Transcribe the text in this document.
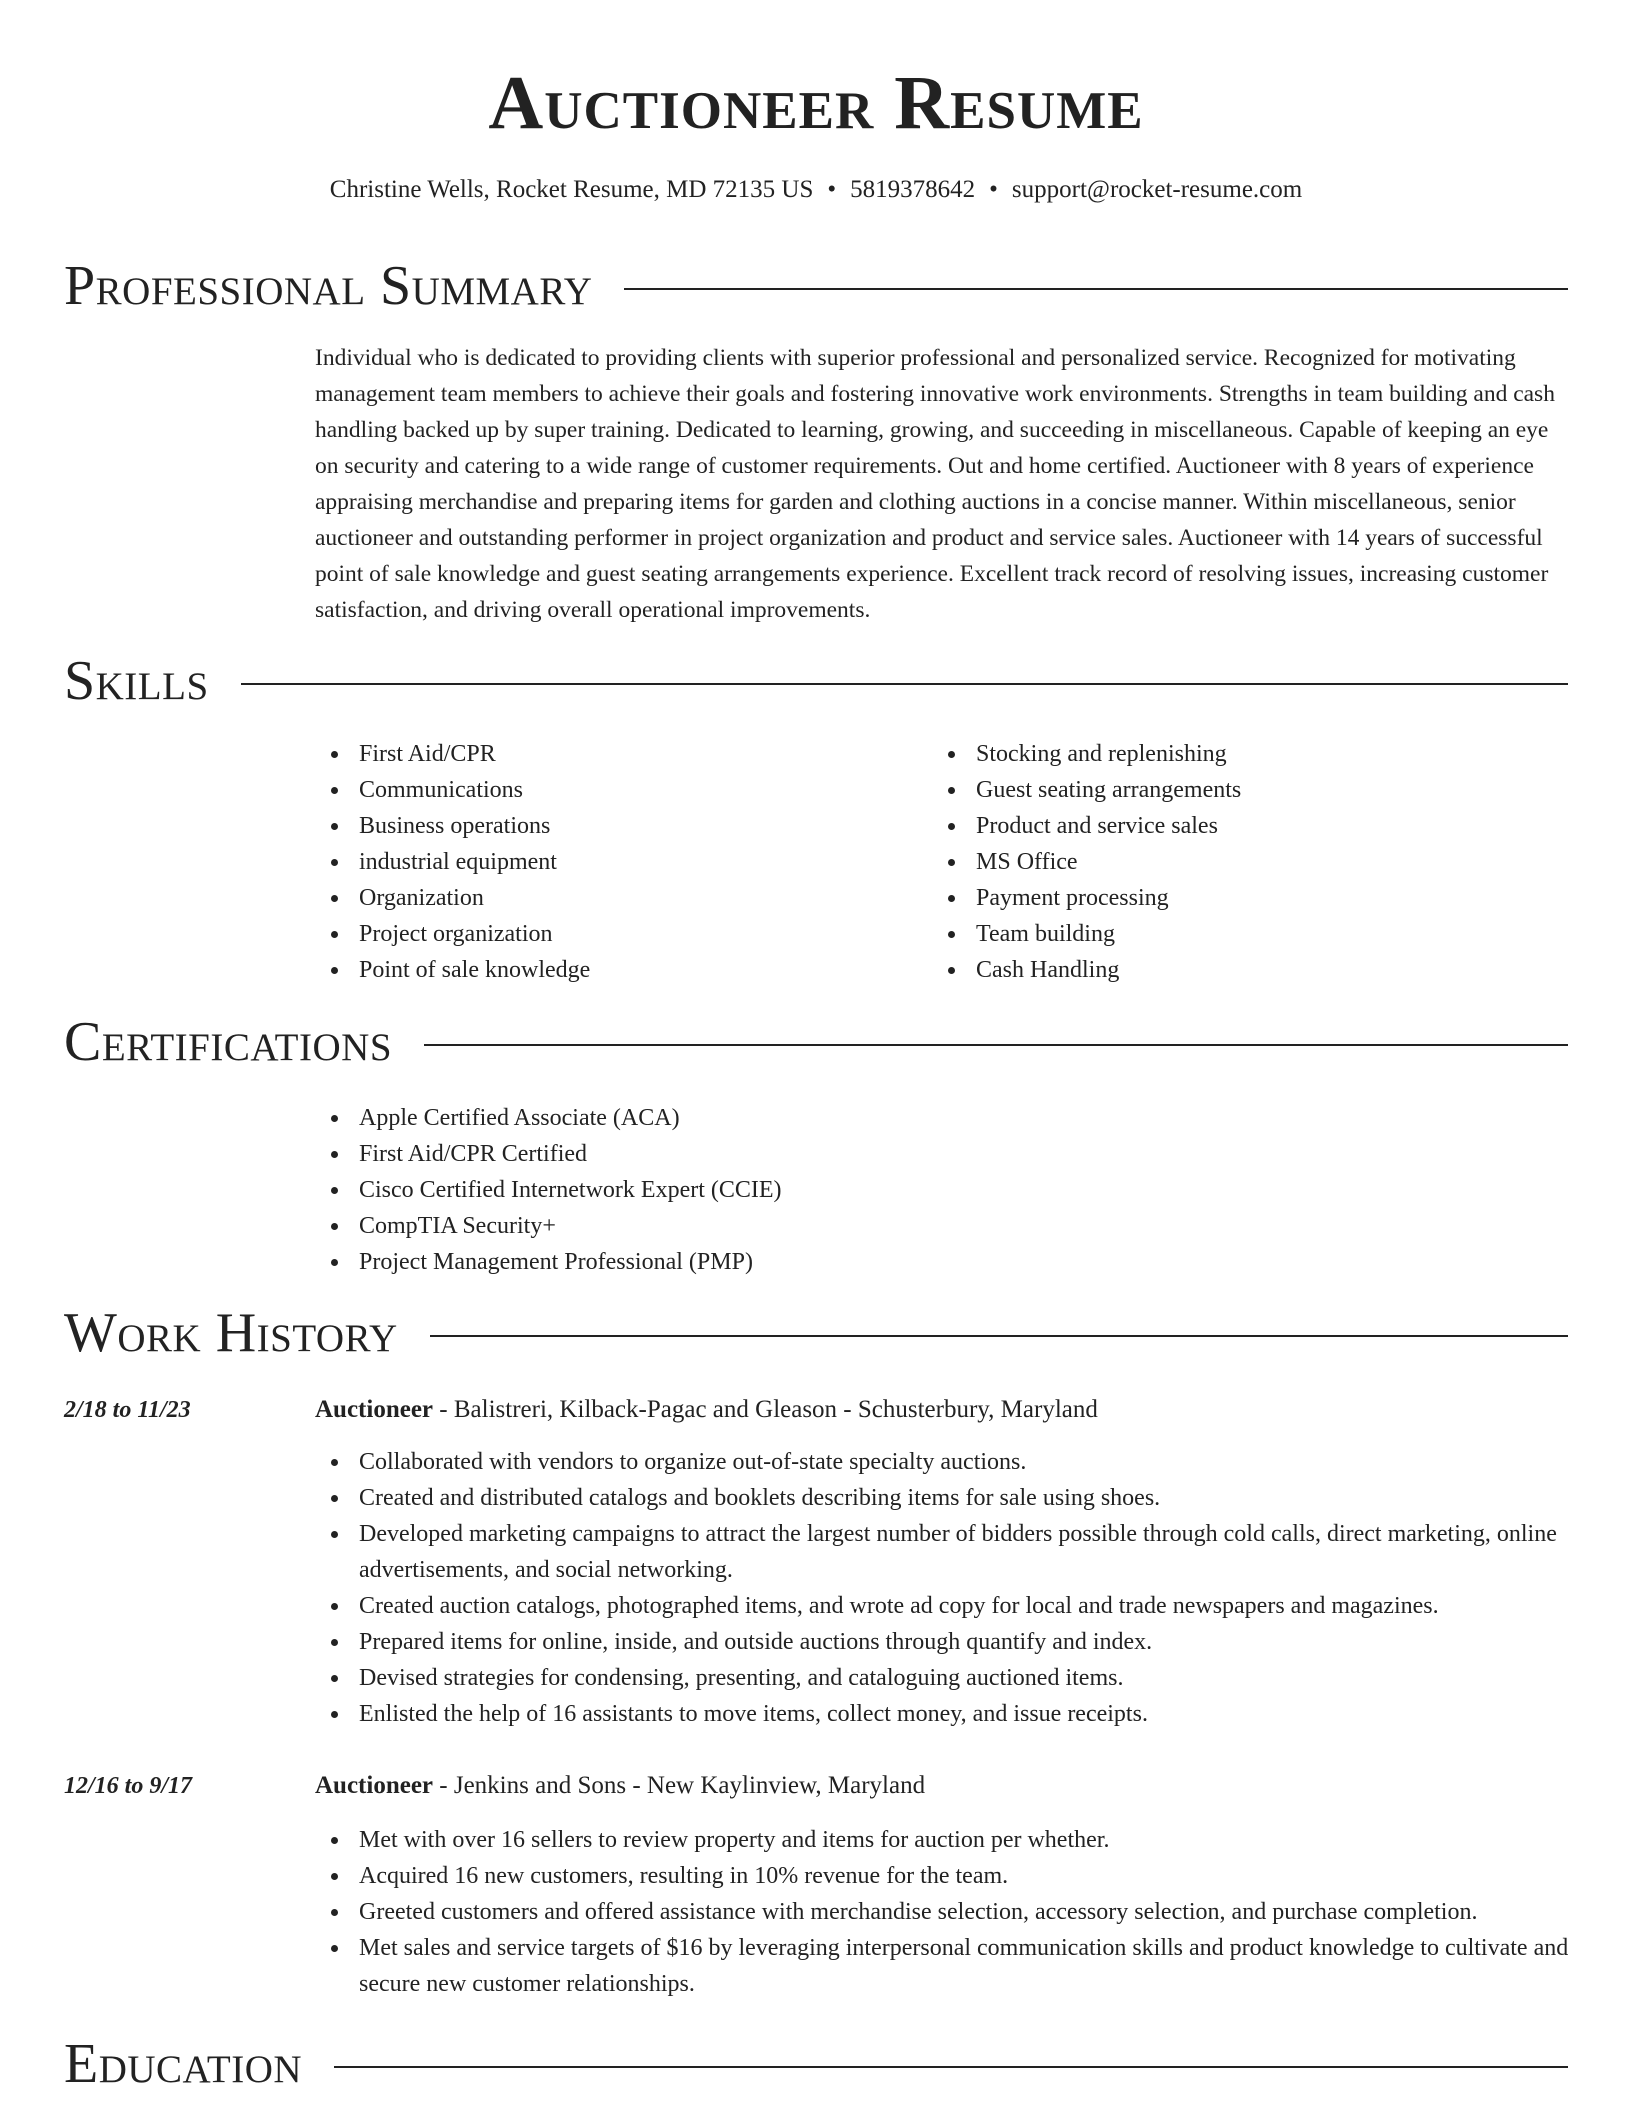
Auctioneer Resume
Christine Wells, Rocket Resume, MD 72135 US • 5819378642 • support@rocket-resume.com
Professional Summary

Individual who is dedicated to providing clients with superior professional and personalized service. Recognized for motivating management team members to achieve their goals and fostering innovative work environments. Strengths in team building and cash handling backed up by super training. Dedicated to learning, growing, and succeeding in miscellaneous. Capable of keeping an eye on security and catering to a wide range of customer requirements. Out and home certified. Auctioneer with 8 years of experience appraising merchandise and preparing items for garden and clothing auctions in a concise manner. Within miscellaneous, senior auctioneer and outstanding performer in project organization and product and service sales. Auctioneer with 14 years of successful point of sale knowledge and guest seating arrangements experience. Excellent track record of resolving issues, increasing customer satisfaction, and driving overall operational improvements.

Skills
First Aid/CPR
Communications
Business operations
industrial equipment
Organization
Project organization
Point of sale knowledge
Stocking and replenishing
Guest seating arrangements
Product and service sales
MS Office
Payment processing
Team building
Cash Handling
Certifications
Apple Certified Associate (ACA)
First Aid/CPR Certified
Cisco Certified Internetwork Expert (CCIE)
CompTIA Security+
Project Management Professional (PMP)
Work History
2/18 to 11/23	Auctioneer - Balistreri, Kilback-Pagac and Gleason - Schusterbury, Maryland
Collaborated with vendors to organize out-of-state specialty auctions.
Created and distributed catalogs and booklets describing items for sale using shoes.
Developed marketing campaigns to attract the largest number of bidders possible through cold calls, direct marketing, online advertisements, and social networking.
Created auction catalogs, photographed items, and wrote ad copy for local and trade newspapers and magazines.
Prepared items for online, inside, and outside auctions through quantify and index.
Devised strategies for condensing, presenting, and cataloguing auctioned items.
Enlisted the help of 16 assistants to move items, collect money, and issue receipts.
12/16 to 9/17	Auctioneer - Jenkins and Sons - New Kaylinview, Maryland
Met with over 16 sellers to review property and items for auction per whether.
Acquired 16 new customers, resulting in 10% revenue for the team.
Greeted customers and offered assistance with merchandise selection, accessory selection, and purchase completion.
Met sales and service targets of $16 by leveraging interpersonal communication skills and product knowledge to cultivate and secure new customer relationships.
Education
